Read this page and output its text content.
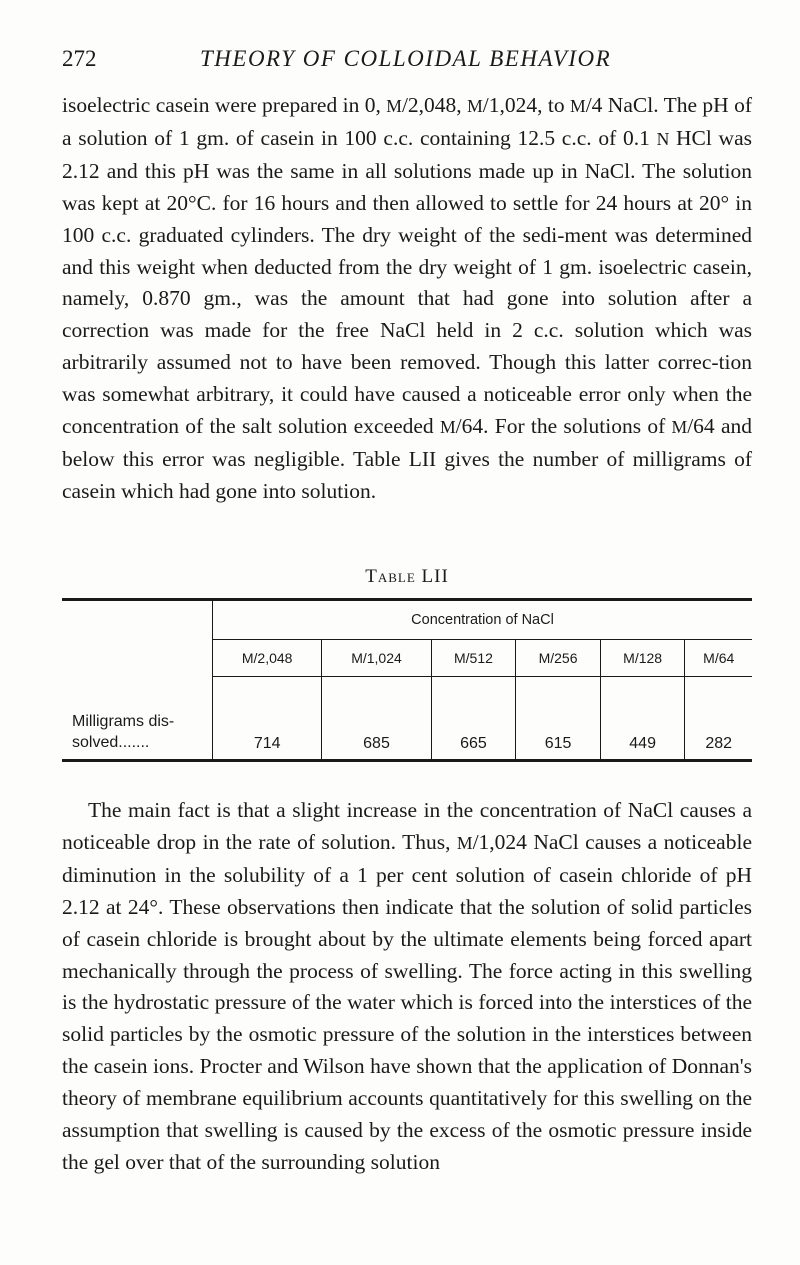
272	THEORY OF COLLOIDAL BEHAVIOR

isoelectric casein were prepared in 0, M/2,048, M/1,024, to M/4 NaCl. The pH of a solution of 1 gm. of casein in 100 c.c. containing 12.5 c.c. of 0.1 N HCl was 2.12 and this pH was the same in all solutions made up in NaCl. The solution was kept at 20°C. for 16 hours and then allowed to settle for 24 hours at 20° in 100 c.c. graduated cylinders. The dry weight of the sedi-ment was determined and this weight when deducted from the dry weight of 1 gm. isoelectric casein, namely, 0.870 gm., was the amount that had gone into solution after a correction was made for the free NaCl held in 2 c.c. solution which was arbitrarily assumed not to have been removed. Though this latter correc-tion was somewhat arbitrary, it could have caused a noticeable error only when the concentration of the salt solution exceeded M/64. For the solutions of M/64 and below this error was negligible. Table LII gives the number of milligrams of casein which had gone into solution.

Table LII
	Concentration of NaCl					
	M/2,048	M/1,024	M/512	M/256	M/128	M/64
Milligrams dis-
solved.......	714	685	665	615	449	282

The main fact is that a slight increase in the concentration of NaCl causes a noticeable drop in the rate of solution. Thus, M/1,024 NaCl causes a noticeable diminution in the solubility of a 1 per cent solution of casein chloride of pH 2.12 at 24°. These observations then indicate that the solution of solid particles of casein chloride is brought about by the ultimate elements being forced apart mechanically through the process of swelling. The force acting in this swelling is the hydrostatic pressure of the water which is forced into the interstices of the solid particles by the osmotic pressure of the solution in the interstices between the casein ions. Procter and Wilson have shown that the application of Donnan's theory of membrane equilibrium accounts quantitatively for this swelling on the assumption that swelling is caused by the excess of the osmotic pressure inside the gel over that of the surrounding solution
